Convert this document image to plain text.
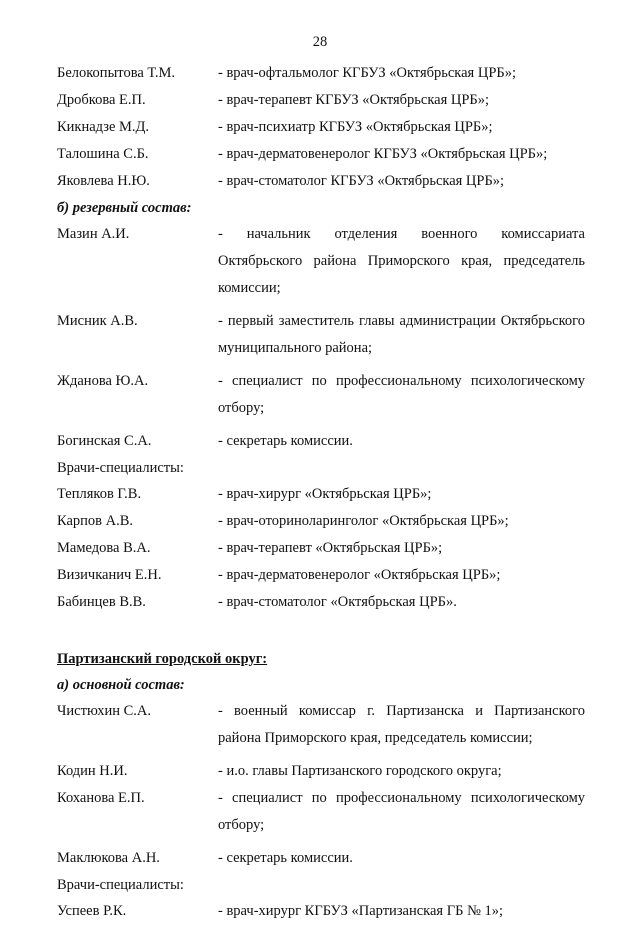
28
Белокопытова Т.М.	- врач-офтальмолог КГБУЗ «Октябрьская ЦРБ»;
Дробкова Е.П.	- врач-терапевт КГБУЗ «Октябрьская ЦРБ»;
Кикнадзе М.Д.	- врач-психиатр КГБУЗ «Октябрьская ЦРБ»;
Талошина С.Б.	- врач-дерматовенеролог КГБУЗ «Октябрьская ЦРБ»;
Яковлева Н.Ю.	- врач-стоматолог КГБУЗ «Октябрьская ЦРБ»;
б) резервный состав:
Мазин А.И.	- начальник отделения военного комиссариата Октябрьского района Приморского края, председатель комиссии;
Мисник А.В.	- первый заместитель главы администрации Октябрьского муниципального района;
Жданова Ю.А.	- специалист по профессиональному психологическому отбору;
Богинская С.А.	- секретарь комиссии.
Врачи-специалисты:
Тепляков Г.В.	- врач-хирург «Октябрьская ЦРБ»;
Карпов А.В.	- врач-оториноларинголог «Октябрьская ЦРБ»;
Мамедова В.А.	- врач-терапевт «Октябрьская ЦРБ»;
Визичканич Е.Н.	- врач-дерматовенеролог «Октябрьская ЦРБ»;
Бабинцев В.В.	- врач-стоматолог «Октябрьская ЦРБ».
Партизанский городской округ:
а) основной состав:
Чистюхин С.А.	- военный комиссар г. Партизанска и Партизанского района Приморского края, председатель комиссии;
Кодин Н.И.	- и.о. главы Партизанского городского округа;
Коханова Е.П.	- специалист по профессиональному психологическому отбору;
Маклюкова А.Н.	- секретарь комиссии.
Врачи-специалисты:
Успеев Р.К.	- врач-хирург КГБУЗ «Партизанская ГБ № 1»;
